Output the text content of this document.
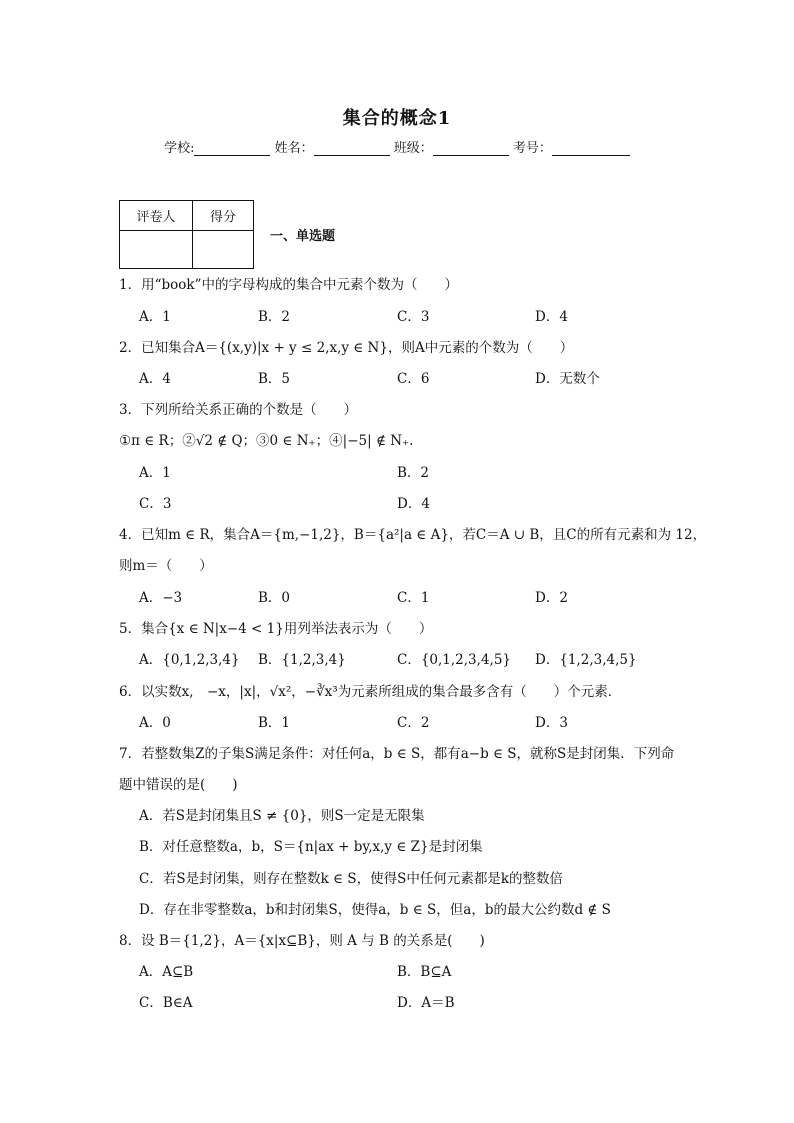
集合的概念1
学校:	姓名：	班级：	考号：
评卷人	得分

一、单选题
1．用“book”中的字母构成的集合中元素个数为（　　）
A．1	B．2	C．3	D．4
2．已知集合A＝{(x,y)|x + y ≤ 2,x,y ∈ N}，则A中元素的个数为（　　）
A．4	B．5	C．6	D．无数个
3．下列所给关系正确的个数是（　　）
①π ∈ R；②√2 ∉ Q；③0 ∈ N₊；④|−5| ∉ N₊.
A．1	B．2
C．3	D．4
4．已知m ∈ R，集合A＝{m,−1,2}，B＝{a²|a ∈ A}，若C＝A ∪ B，且C的所有元素和为 12，
则m＝（　　）
A．−3	B．0	C．1	D．2
5．集合{x ∈ N|x−4 < 1}用列举法表示为（　　）
A．{0,1,2,3,4} B．{1,2,3,4}	C．{0,1,2,3,4,5} D．{1,2,3,4,5}
6．以实数x,　−x，|x|，√x²，−∛x³为元素所组成的集合最多含有（　　）个元素．
A．0	B．1	C．2	D．3
7．若整数集Z的子集S满足条件：对任何a，b ∈ S，都有a−b ∈ S，就称S是封闭集．下列命
题中错误的是(　　)
A．若S是封闭集且S ≠ {0}，则S一定是无限集
B．对任意整数a，b，S＝{n|ax + by,x,y ∈ Z}是封闭集
C．若S是封闭集，则存在整数k ∈ S，使得S中任何元素都是k的整数倍
D．存在非零整数a，b和封闭集S，使得a，b ∈ S，但a，b的最大公约数d ∉ S
8．设 B＝{1,2}，A＝{x|x⊆B}，则 A 与 B 的关系是(　　)
A．A⊆B	B．B⊆A
C．B∈A	D．A＝B
